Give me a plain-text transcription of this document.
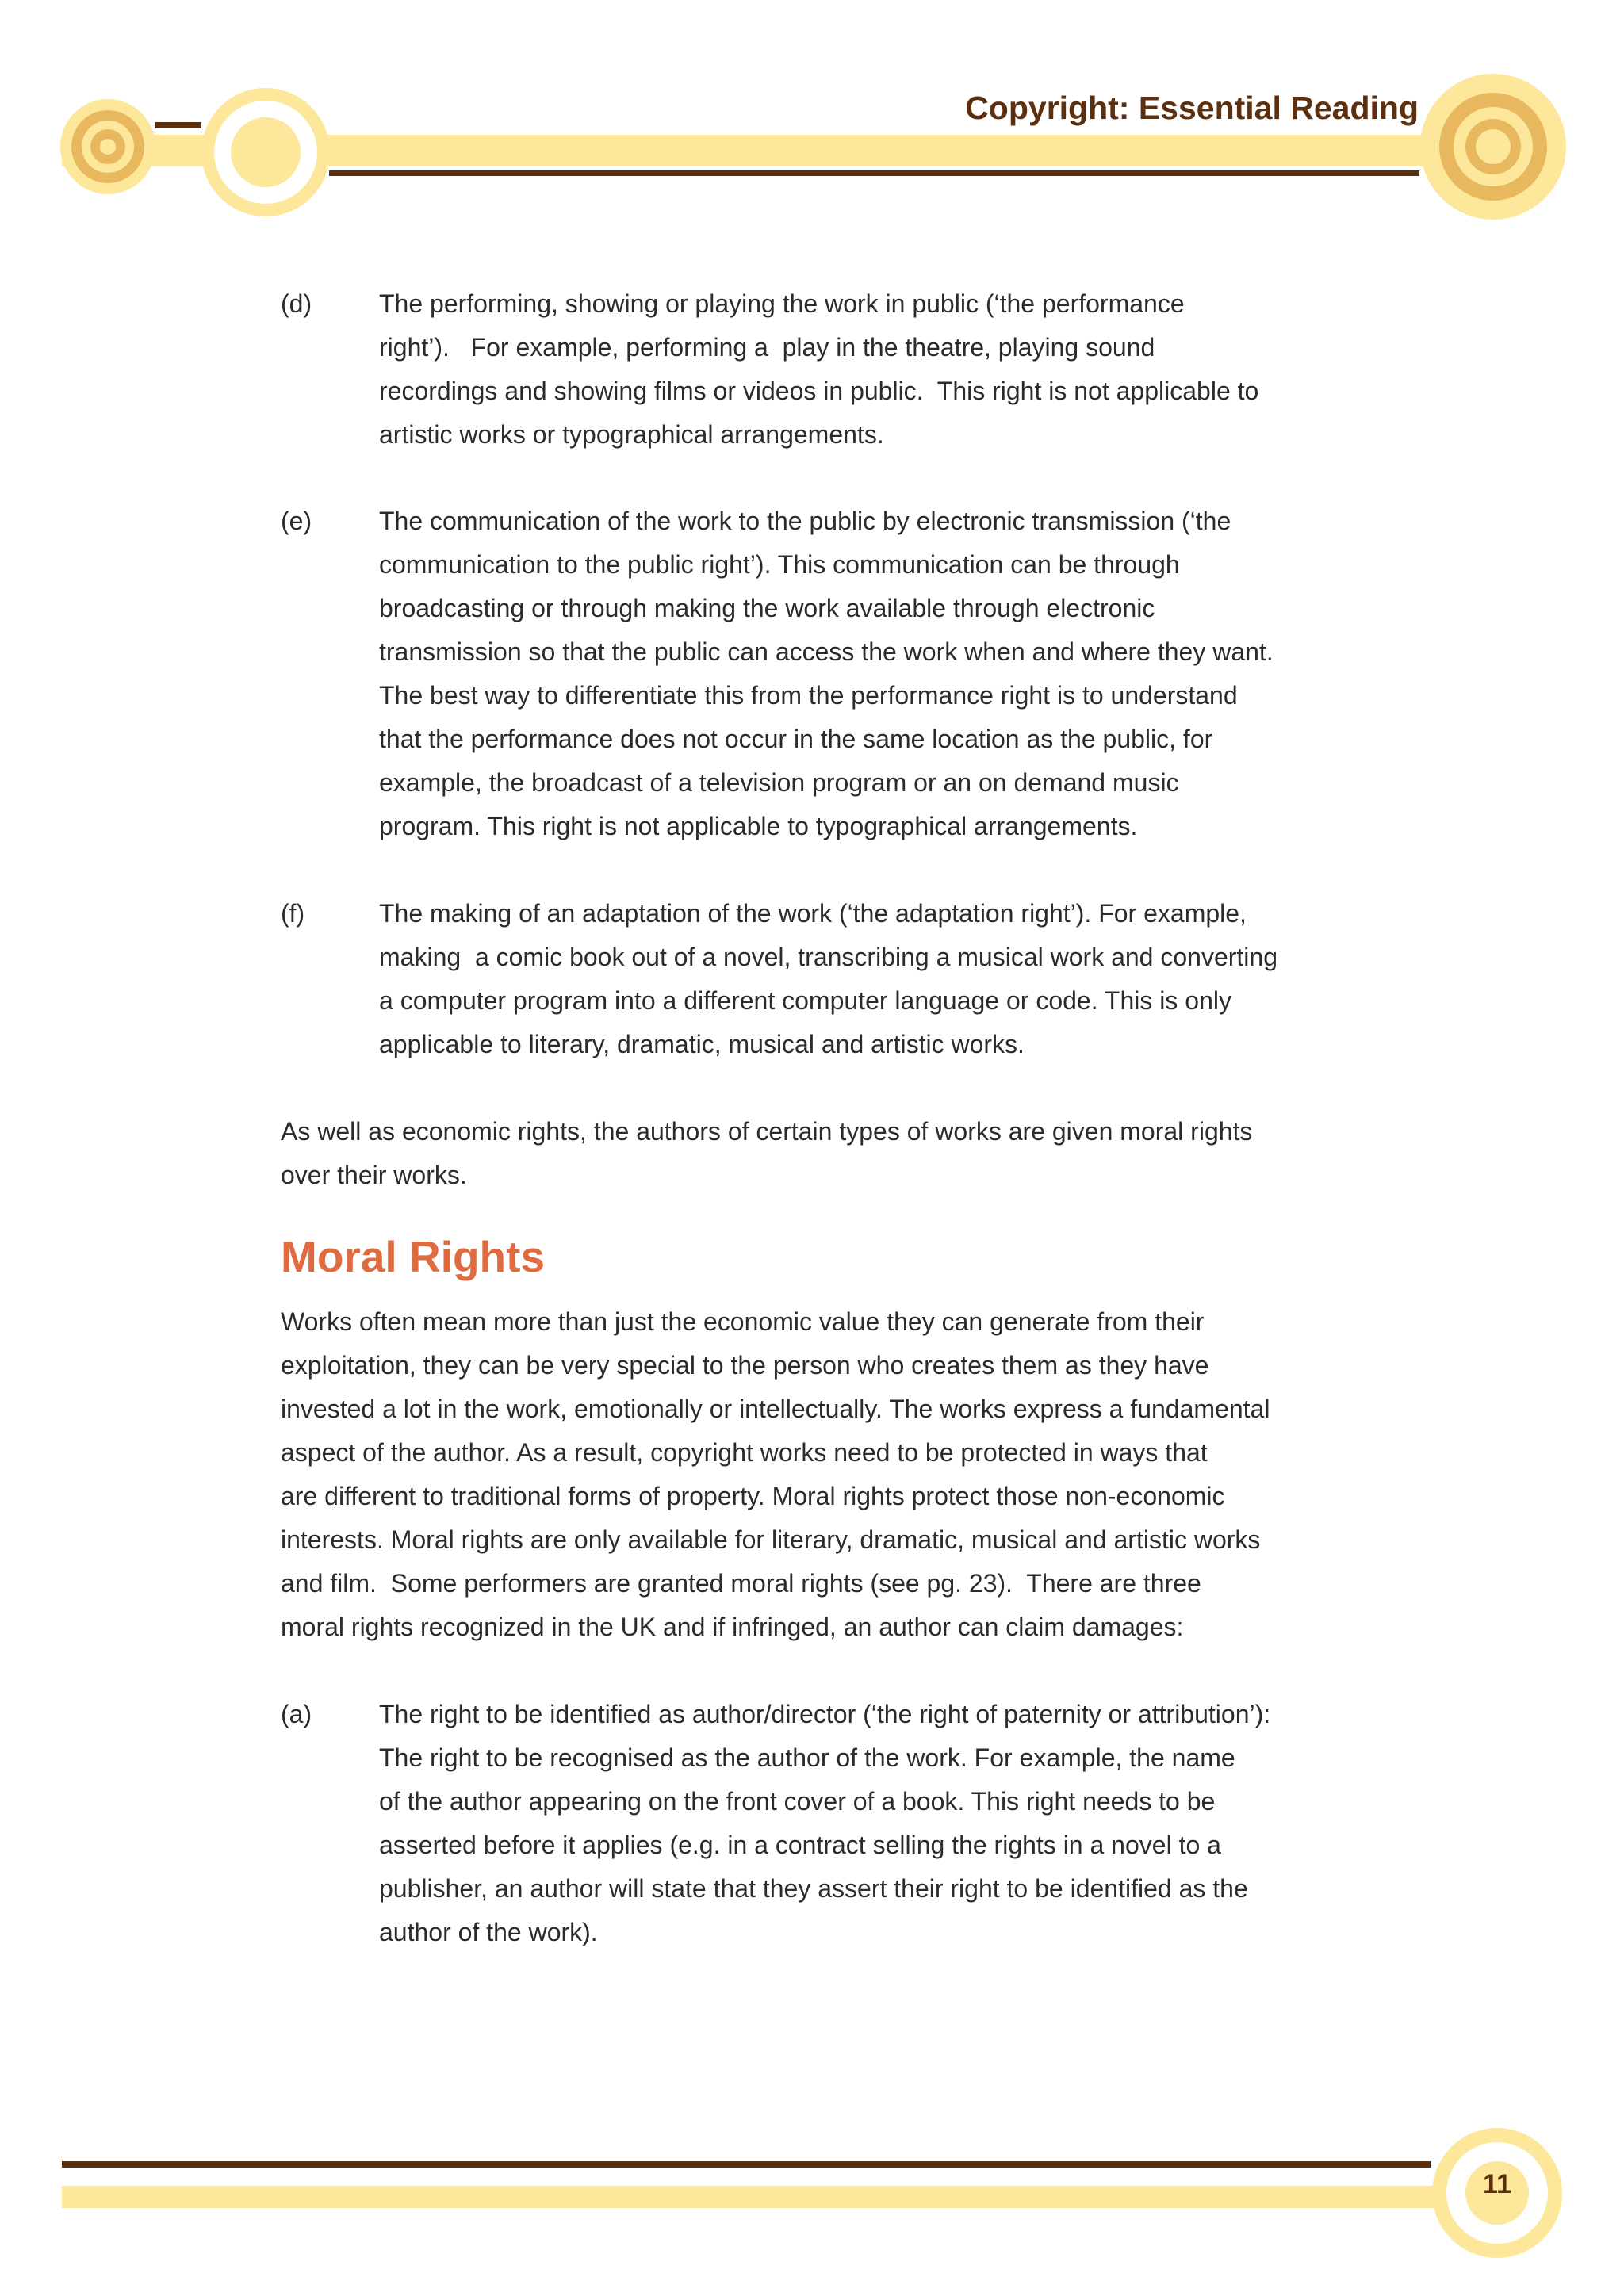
Copyright: Essential Reading
(d)	The performing, showing or playing the work in public (‘the performance
right’).   For example, performing a  play in the theatre, playing sound
recordings and showing films or videos in public.  This right is not applicable to
artistic works or typographical arrangements.
(e)	The communication of the work to the public by electronic transmission (‘the
communication to the public right’). This communication can be through
broadcasting or through making the work available through electronic
transmission so that the public can access the work when and where they want.
The best way to differentiate this from the performance right is to understand
that the performance does not occur in the same location as the public, for
example, the broadcast of a television program or an on demand music
program. This right is not applicable to typographical arrangements.
(f)	The making of an adaptation of the work (‘the adaptation right’). For example,
making  a comic book out of a novel, transcribing a musical work and converting
a computer program into a different computer language or code. This is only
applicable to literary, dramatic, musical and artistic works.
As well as economic rights, the authors of certain types of works are given moral rights
over their works.
Moral Rights
Works often mean more than just the economic value they can generate from their
exploitation, they can be very special to the person who creates them as they have
invested a lot in the work, emotionally or intellectually. The works express a fundamental
aspect of the author. As a result, copyright works need to be protected in ways that
are different to traditional forms of property. Moral rights protect those non-economic
interests. Moral rights are only available for literary, dramatic, musical and artistic works
and film.  Some performers are granted moral rights (see pg. 23).  There are three
moral rights recognized in the UK and if infringed, an author can claim damages:
(a)	The right to be identified as author/director (‘the right of paternity or attribution’):
The right to be recognised as the author of the work. For example, the name
of the author appearing on the front cover of a book. This right needs to be
asserted before it applies (e.g. in a contract selling the rights in a novel to a
publisher, an author will state that they assert their right to be identified as the
author of the work).
11
